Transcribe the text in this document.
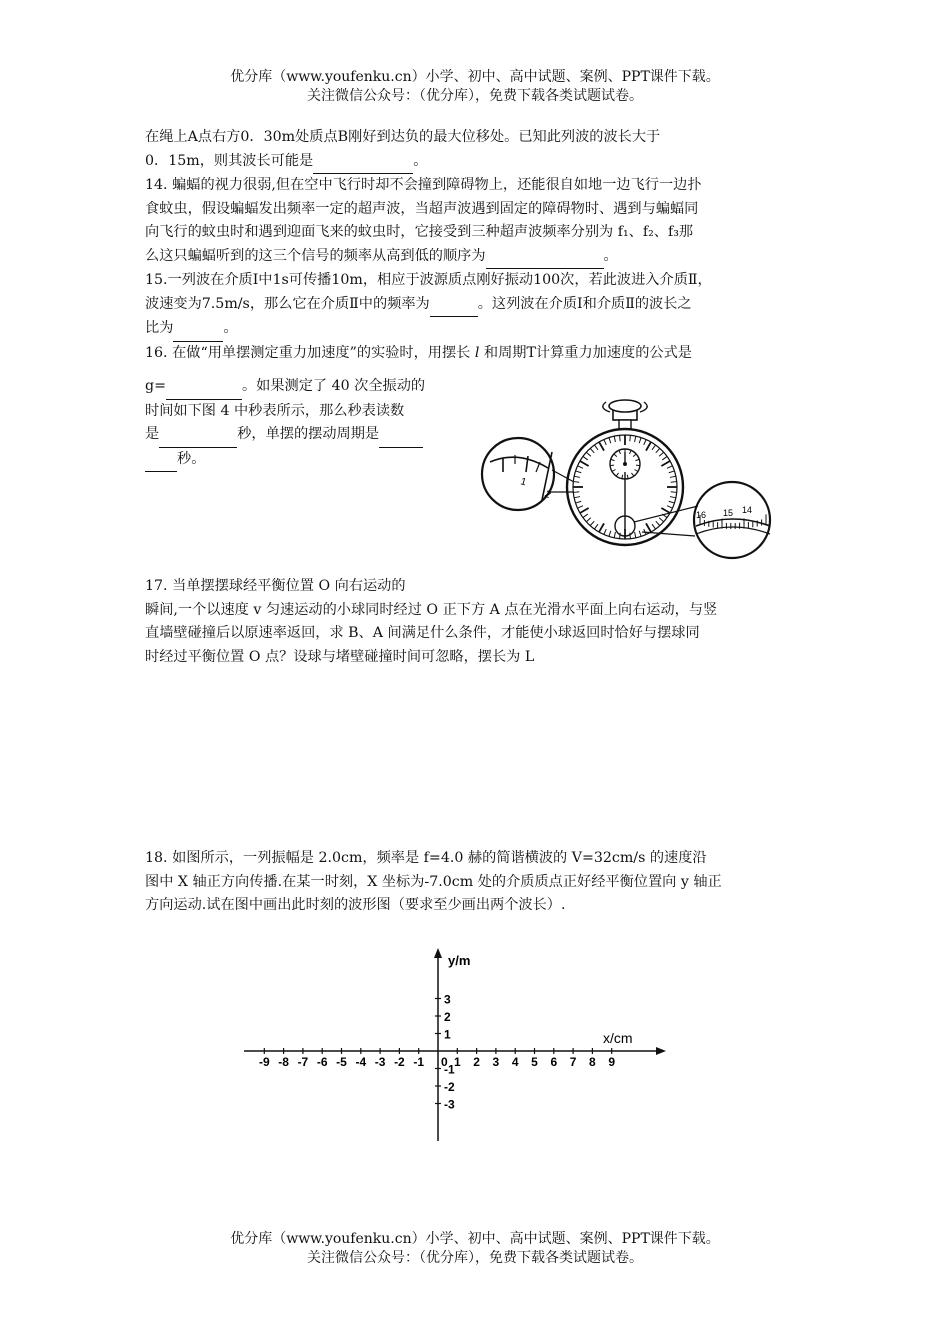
优分库（www.youfenku.cn）小学、初中、高中试题、案例、PPT课件下载。
关注微信公众号：（优分库），免费下载各类试题试卷。

在绳上A点右方0．30m处质点B刚好到达负的最大位移处。已知此列波的波长大于

0．15m，则其波长可能是	。

14. 蝙蝠的视力很弱,但在空中飞行时却不会撞到障碍物上，还能很自如地一边飞行一边扑

食蚊虫，假设蝙蝠发出频率一定的超声波，当超声波遇到固定的障碍物时、遇到与蝙蝠同

向飞行的蚊虫时和遇到迎面飞来的蚊虫时，它接受到三种超声波频率分别为 f₁、f₂、f₃那

么这只蝙蝠听到的这三个信号的频率从高到低的顺序为	。

15.一列波在介质Ⅰ中1s可传播10m，相应于波源质点刚好振动100次，若此波进入介质Ⅱ，

波速变为7.5m/s，那么它在介质Ⅱ中的频率为	。这列波在介质Ⅰ和介质Ⅱ的波长之

比为	。

16. 在做“用单摆测定重力加速度”的实验时，用摆长 l 和周期T计算重力加速度的公式是

g=	。如果测定了 40 次全振动的

时间如下图 4 中秒表所示，那么秒表读数

是	秒，单摆的摆动周期是

秒。

1
2
16 15 14

17. 当单摆摆球经平衡位置 O 向右运动的

瞬间,一个以速度 v 匀速运动的小球同时经过 O 正下方 A 点在光滑水平面上向右运动，与竖

直墙壁碰撞后以原速率返回，求 B、A 间满足什么条件，才能使小球返回时恰好与摆球同

时经过平衡位置 O 点？设球与堵壁碰撞时间可忽略，摆长为 L

18. 如图所示，一列振幅是 2.0cm，频率是 f=4.0 赫的简谐横波的 V=32cm/s 的速度沿

图中 X 轴正方向传播.在某一时刻，X 坐标为-7.0cm 处的介质质点正好经平衡位置向 y 轴正

方向运动.试在图中画出此时刻的波形图（要求至少画出两个波长）.

y/m
x/cm
0
-9 -8 -7 -6 -5 -4 -3 -2 -1 1 2 3 4 5 6 7 8 9
3
2
1
-1
-2
-3
优分库（www.youfenku.cn）小学、初中、高中试题、案例、PPT课件下载。
关注微信公众号：（优分库），免费下载各类试题试卷。
